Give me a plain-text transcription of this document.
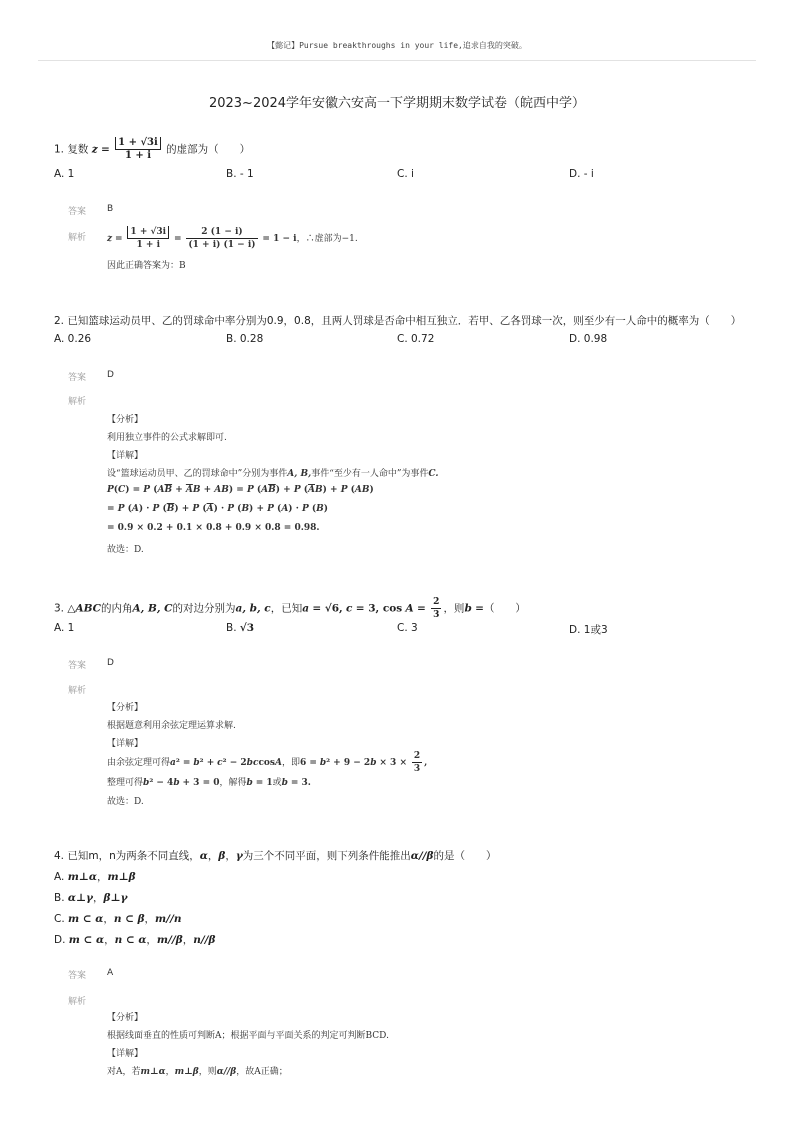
【懿记】Pursue breakthroughs in your life,追求自我的突破。
2023~2024学年安徽六安高一下学期期末数学试卷（皖西中学）
1. 复数 $z = \frac{1 + √3i}{1 + i}$ 的虚部为（　　）
A. 1	B. - 1	C. i	D. - i
答案 B
解析 $z = \frac{1 + √3i}{1 + i} = \frac{2 (1 - i)}{(1 + i) (1 - i)} = 1 - i$，∴虚部为−1.
因此正确答案为：B
2. 已知篮球运动员甲、乙的罚球命中率分别为0.9，0.8，且两人罚球是否命中相互独立．若甲、乙各罚球一次，则至少有一人命中的概率为（　　）
A. 0.26	B. 0.28	C. 0.72	D. 0.98
答案 D
解析
【分析】
利用独立事件的公式求解即可.
【详解】
设“篮球运动员甲、乙的罚球命中”分别为事件A, B,事件“至少有一人命中”为事件C.
P(C) = P $(A\overline{B} + \overline{A}B + AB) = P$ $(A\overline{B}) + P$ $(\overline{A}B) + P$ (AB)
= P (A) · P $(\overline{B}) + P$ $(\overline{A}) \cdot P$ (B) + P (A) · P (B)
= 0.9 × 0.2 + 0.1 × 0.8 + 0.9 × 0.8 = 0.98.
故选：D.
3. △ABC的内角A, B, C的对边分别为a, b, c，已知a = √6, c = 3, $\cos A = \frac{2}{3}$ ，则b =（　　）
A. 1	B. √3	C. 3	D. 1或3
答案 D
解析
【分析】
根据题意利用余弦定理运算求解.
【详解】
由余弦定理可得a² = b² + c² − 2bccosA，即$6 = b^2 + 9 - 2b \times 3 \times \frac{2}{3}$ ,
整理可得b² − 4b + 3 = 0，解得b = 1或b = 3.
故选：D.
4. 已知m，n为两条不同直线，α，β，γ为三个不同平面，则下列条件能推出α//β的是（　　）
A. m⊥α，m⊥β
B. α⊥γ，β⊥γ
C. m ⊂ α，n ⊂ β，m//n
D. m ⊂ α，n ⊂ α，m//β，n//β
答案 A
解析
【分析】
根据线面垂直的性质可判断A；根据平面与平面关系的判定可判断BCD.
【详解】
对A，若m⊥α，m⊥β，则α//β，故A正确；
